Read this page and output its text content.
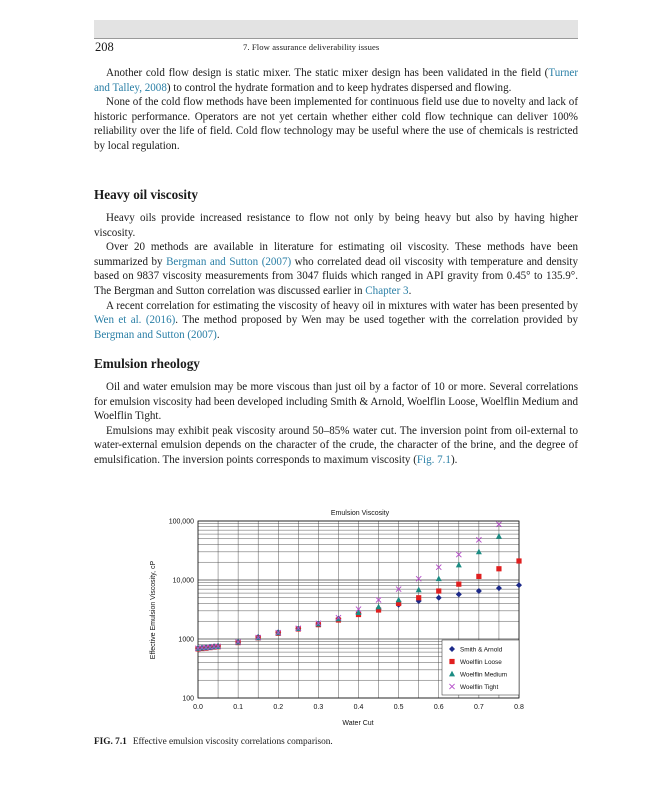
208	7. Flow assurance deliverability issues

Another cold flow design is static mixer. The static mixer design has been validated in the field (Turner and Talley, 2008) to control the hydrate formation and to keep hydrates dispersed and flowing.

None of the cold flow methods have been implemented for continuous field use due to novelty and lack of historic performance. Operators are not yet certain whether either cold flow technique can deliver 100% reliability over the life of field. Cold flow technology may be useful where the use of chemicals is restricted by local regulation.

Heavy oil viscosity

Heavy oils provide increased resistance to flow not only by being heavy but also by having higher viscosity.

Over 20 methods are available in literature for estimating oil viscosity. These methods have been summarized by Bergman and Sutton (2007) who correlated dead oil viscosity with temperature and density based on 9837 viscosity measurements from 3047 fluids which ranged in API gravity from 0.45° to 135.9°. The Bergman and Sutton correlation was discussed earlier in Chapter 3.

A recent correlation for estimating the viscosity of heavy oil in mixtures with water has been presented by Wen et al. (2016). The method proposed by Wen may be used together with the correlation provided by Bergman and Sutton (2007).

Emulsion rheology

Oil and water emulsion may be more viscous than just oil by a factor of 10 or more. Several correlations for emulsion viscosity had been developed including Smith & Arnold, Woelflin Loose, Woelflin Medium and Woelflin Tight.

Emulsions may exhibit peak viscosity around 50–85% water cut. The inversion point from oil-external to water-external emulsion depends on the character of the crude, the character of the brine, and the degree of emulsification. The inversion points corresponds to maximum viscosity (Fig. 7.1).

Emulsion Viscosity
0.0	0.1	0.2	0.3	0.4	0.5	0.6	0.7	0.8
100
1000
10,000
100,000
Water Cut
Effective Emulsion Viscosity, cP	Smith & Arnold
Woelflin Loose
Woelflin Medium
Woelflin Tight
FIG. 7.1 Effective emulsion viscosity correlations comparison.
